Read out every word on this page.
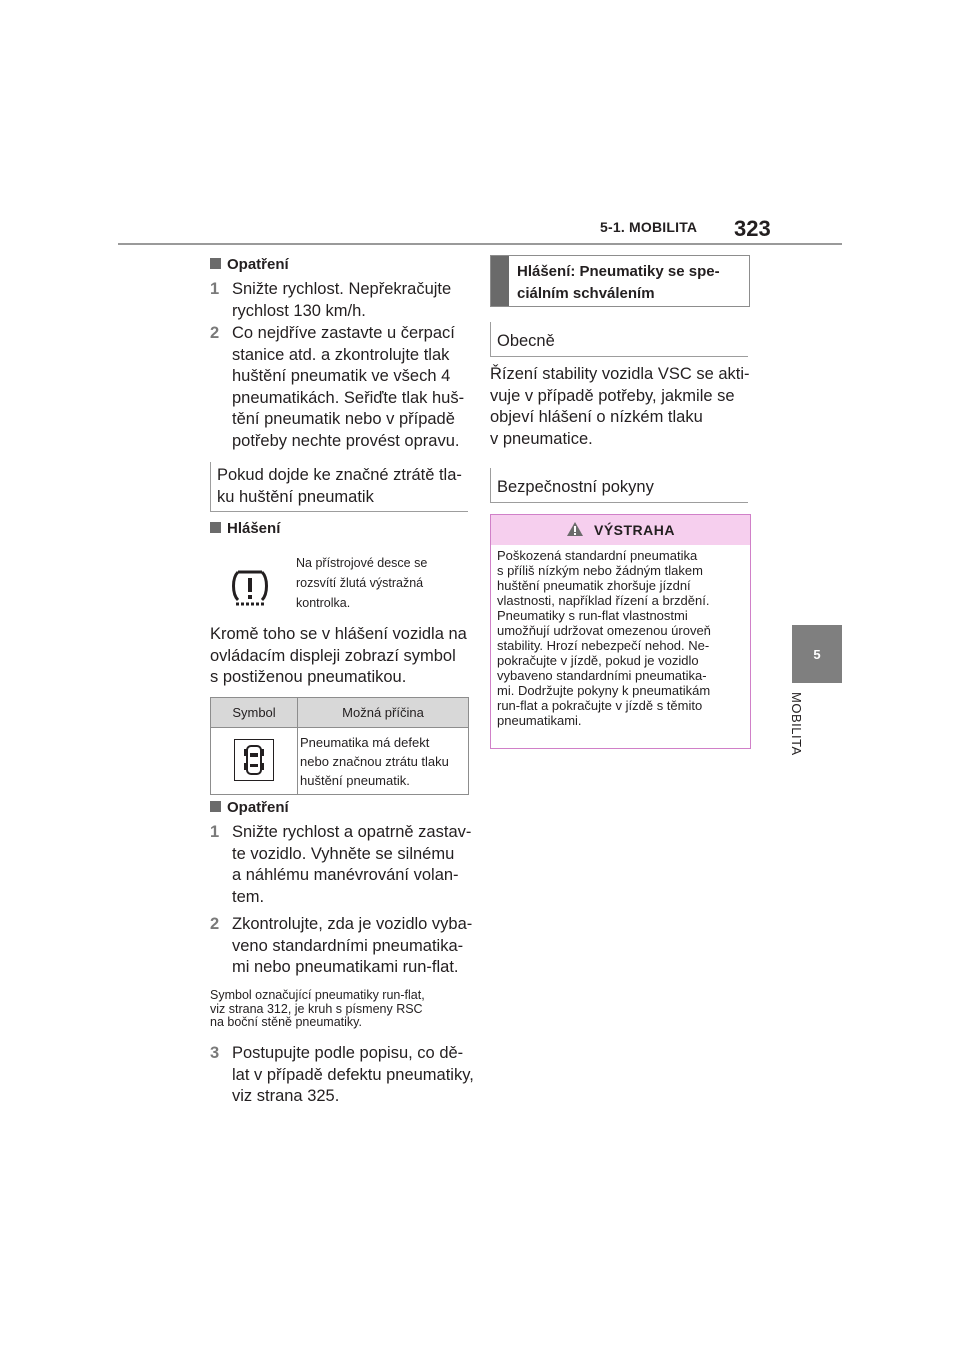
5-1. MOBILITA 323
5
MOBILITA
Opatření
1 Snižte rychlost. Nepřekračujte
rychlost 130 km/h.
2 Co nejdříve zastavte u čerpací
stanice atd. a zkontrolujte tlak
huštění pneumatik ve všech 4
pneumatikách. Seřiďte tlak huš-
tění pneumatik nebo v případě
potřeby nechte provést opravu.
Pokud dojde ke značné ztrátě tla-
ku huštění pneumatik
Hlášení
Na přístrojové desce se
rozsvítí žlutá výstražná
kontrolka.
Kromě toho se v hlášení vozidla na
ovládacím displeji zobrazí symbol
s postiženou pneumatikou.
Symbol	Možná příčina

	Pneumatika má defekt
nebo značnou ztrátu tlaku
huštění pneumatik.
Opatření
1 Snižte rychlost a opatrně zastav-
te vozidlo. Vyhněte se silnému
a náhlému manévrování volan-
tem.
2 Zkontrolujte, zda je vozidlo vyba-
veno standardními pneumatika-
mi nebo pneumatikami run-flat.
Symbol označující pneumatiky run-flat,
viz strana 312, je kruh s písmeny RSC
na boční stěně pneumatiky.
3 Postupujte podle popisu, co dě-
lat v případě defektu pneumatiky,
viz strana 325.
Hlášení: Pneumatiky se spe-
ciálním schválením
Obecně
Řízení stability vozidla VSC se akti-
vuje v případě potřeby, jakmile se
objeví hlášení o nízkém tlaku
v pneumatice.
Bezpečnostní pokyny
VÝSTRAHA
Poškozená standardní pneumatika
s příliš nízkým nebo žádným tlakem
huštění pneumatik zhoršuje jízdní
vlastnosti, například řízení a brzdění.
Pneumatiky s run-flat vlastnostmi
umožňují udržovat omezenou úroveň
stability. Hrozí nebezpečí nehod. Ne-
pokračujte v jízdě, pokud je vozidlo
vybaveno standardními pneumatika-
mi. Dodržujte pokyny k pneumatikám
run-flat a pokračujte v jízdě s těmito
pneumatikami.
